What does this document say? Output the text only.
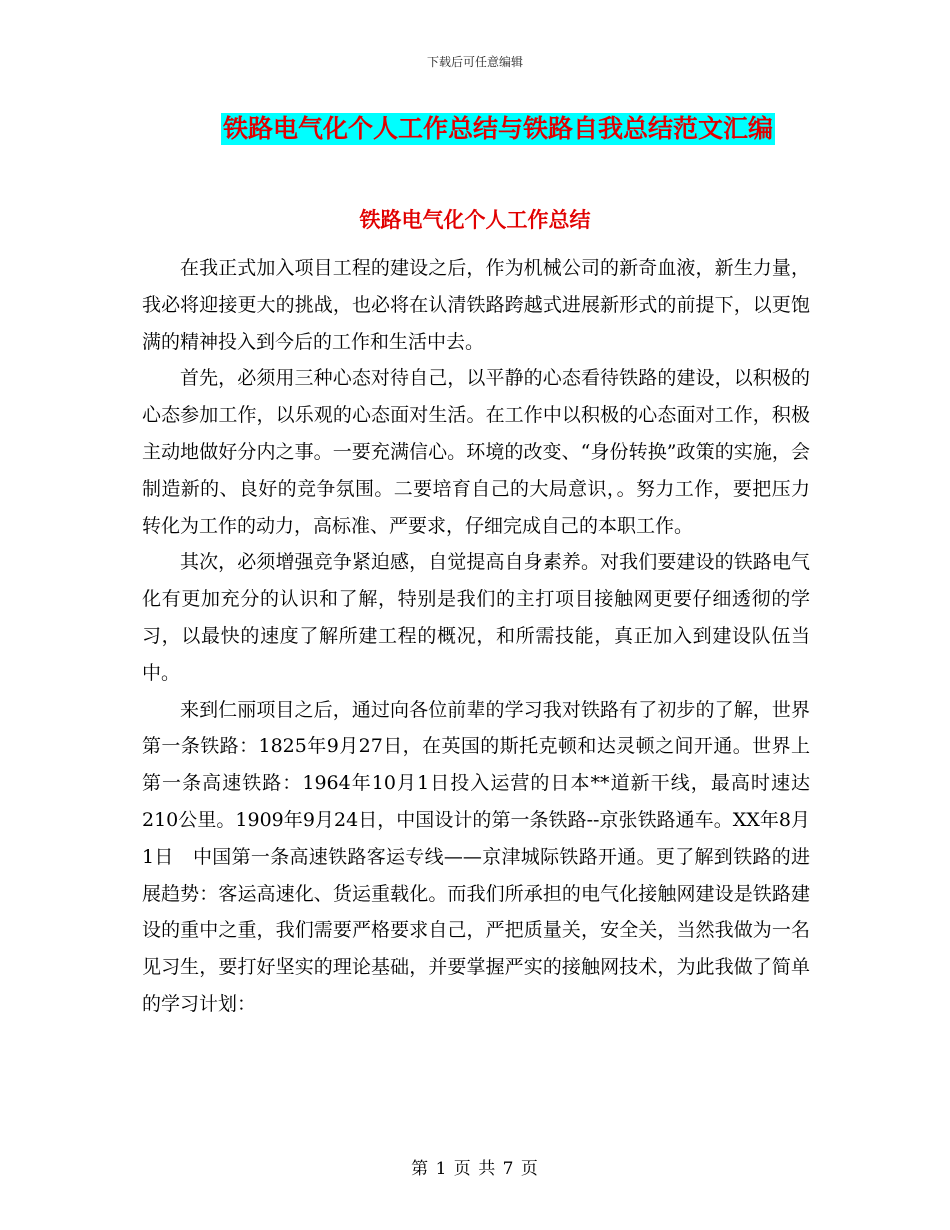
下载后可任意编辑
铁路电气化个人工作总结与铁路自我总结范文汇编
铁路电气化个人工作总结

在我正式加入项目工程的建设之后，作为机械公司的新奇血液，新生力量，我必将迎接更大的挑战，也必将在认清铁路跨越式进展新形式的前提下，以更饱满的精神投入到今后的工作和生活中去。

首先，必须用三种心态对待自己，以平静的心态看待铁路的建设，以积极的心态参加工作，以乐观的心态面对生活。在工作中以积极的心态面对工作，积极主动地做好分内之事。一要充满信心。环境的改变、“身份转换”政策的实施，会制造新的、良好的竞争氛围。二要培育自己的大局意识，。努力工作，要把压力转化为工作的动力，高标准、严要求，仔细完成自己的本职工作。

其次，必须增强竞争紧迫感，自觉提高自身素养。对我们要建设的铁路电气化有更加充分的认识和了解，特别是我们的主打项目接触网更要仔细透彻的学习，以最快的速度了解所建工程的概况，和所需技能，真正加入到建设队伍当中。

来到仁丽项目之后，通过向各位前辈的学习我对铁路有了初步的了解，世界第一条铁路：1825年9月27日，在英国的斯托克顿和达灵顿之间开通。世界上第一条高速铁路：1964年10月1日投入运营的日本**道新干线，最高时速达210公里。1909年9月24日，中国设计的第一条铁路--京张铁路通车。XX年8月1日　中国第一条高速铁路客运专线——京津城际铁路开通。更了解到铁路的进展趋势：客运高速化、货运重载化。而我们所承担的电气化接触网建设是铁路建设的重中之重，我们需要严格要求自己，严把质量关，安全关，当然我做为一名见习生，要打好坚实的理论基础，并要掌握严实的接触网技术，为此我做了简单的学习计划：

第 1 页 共 7 页
